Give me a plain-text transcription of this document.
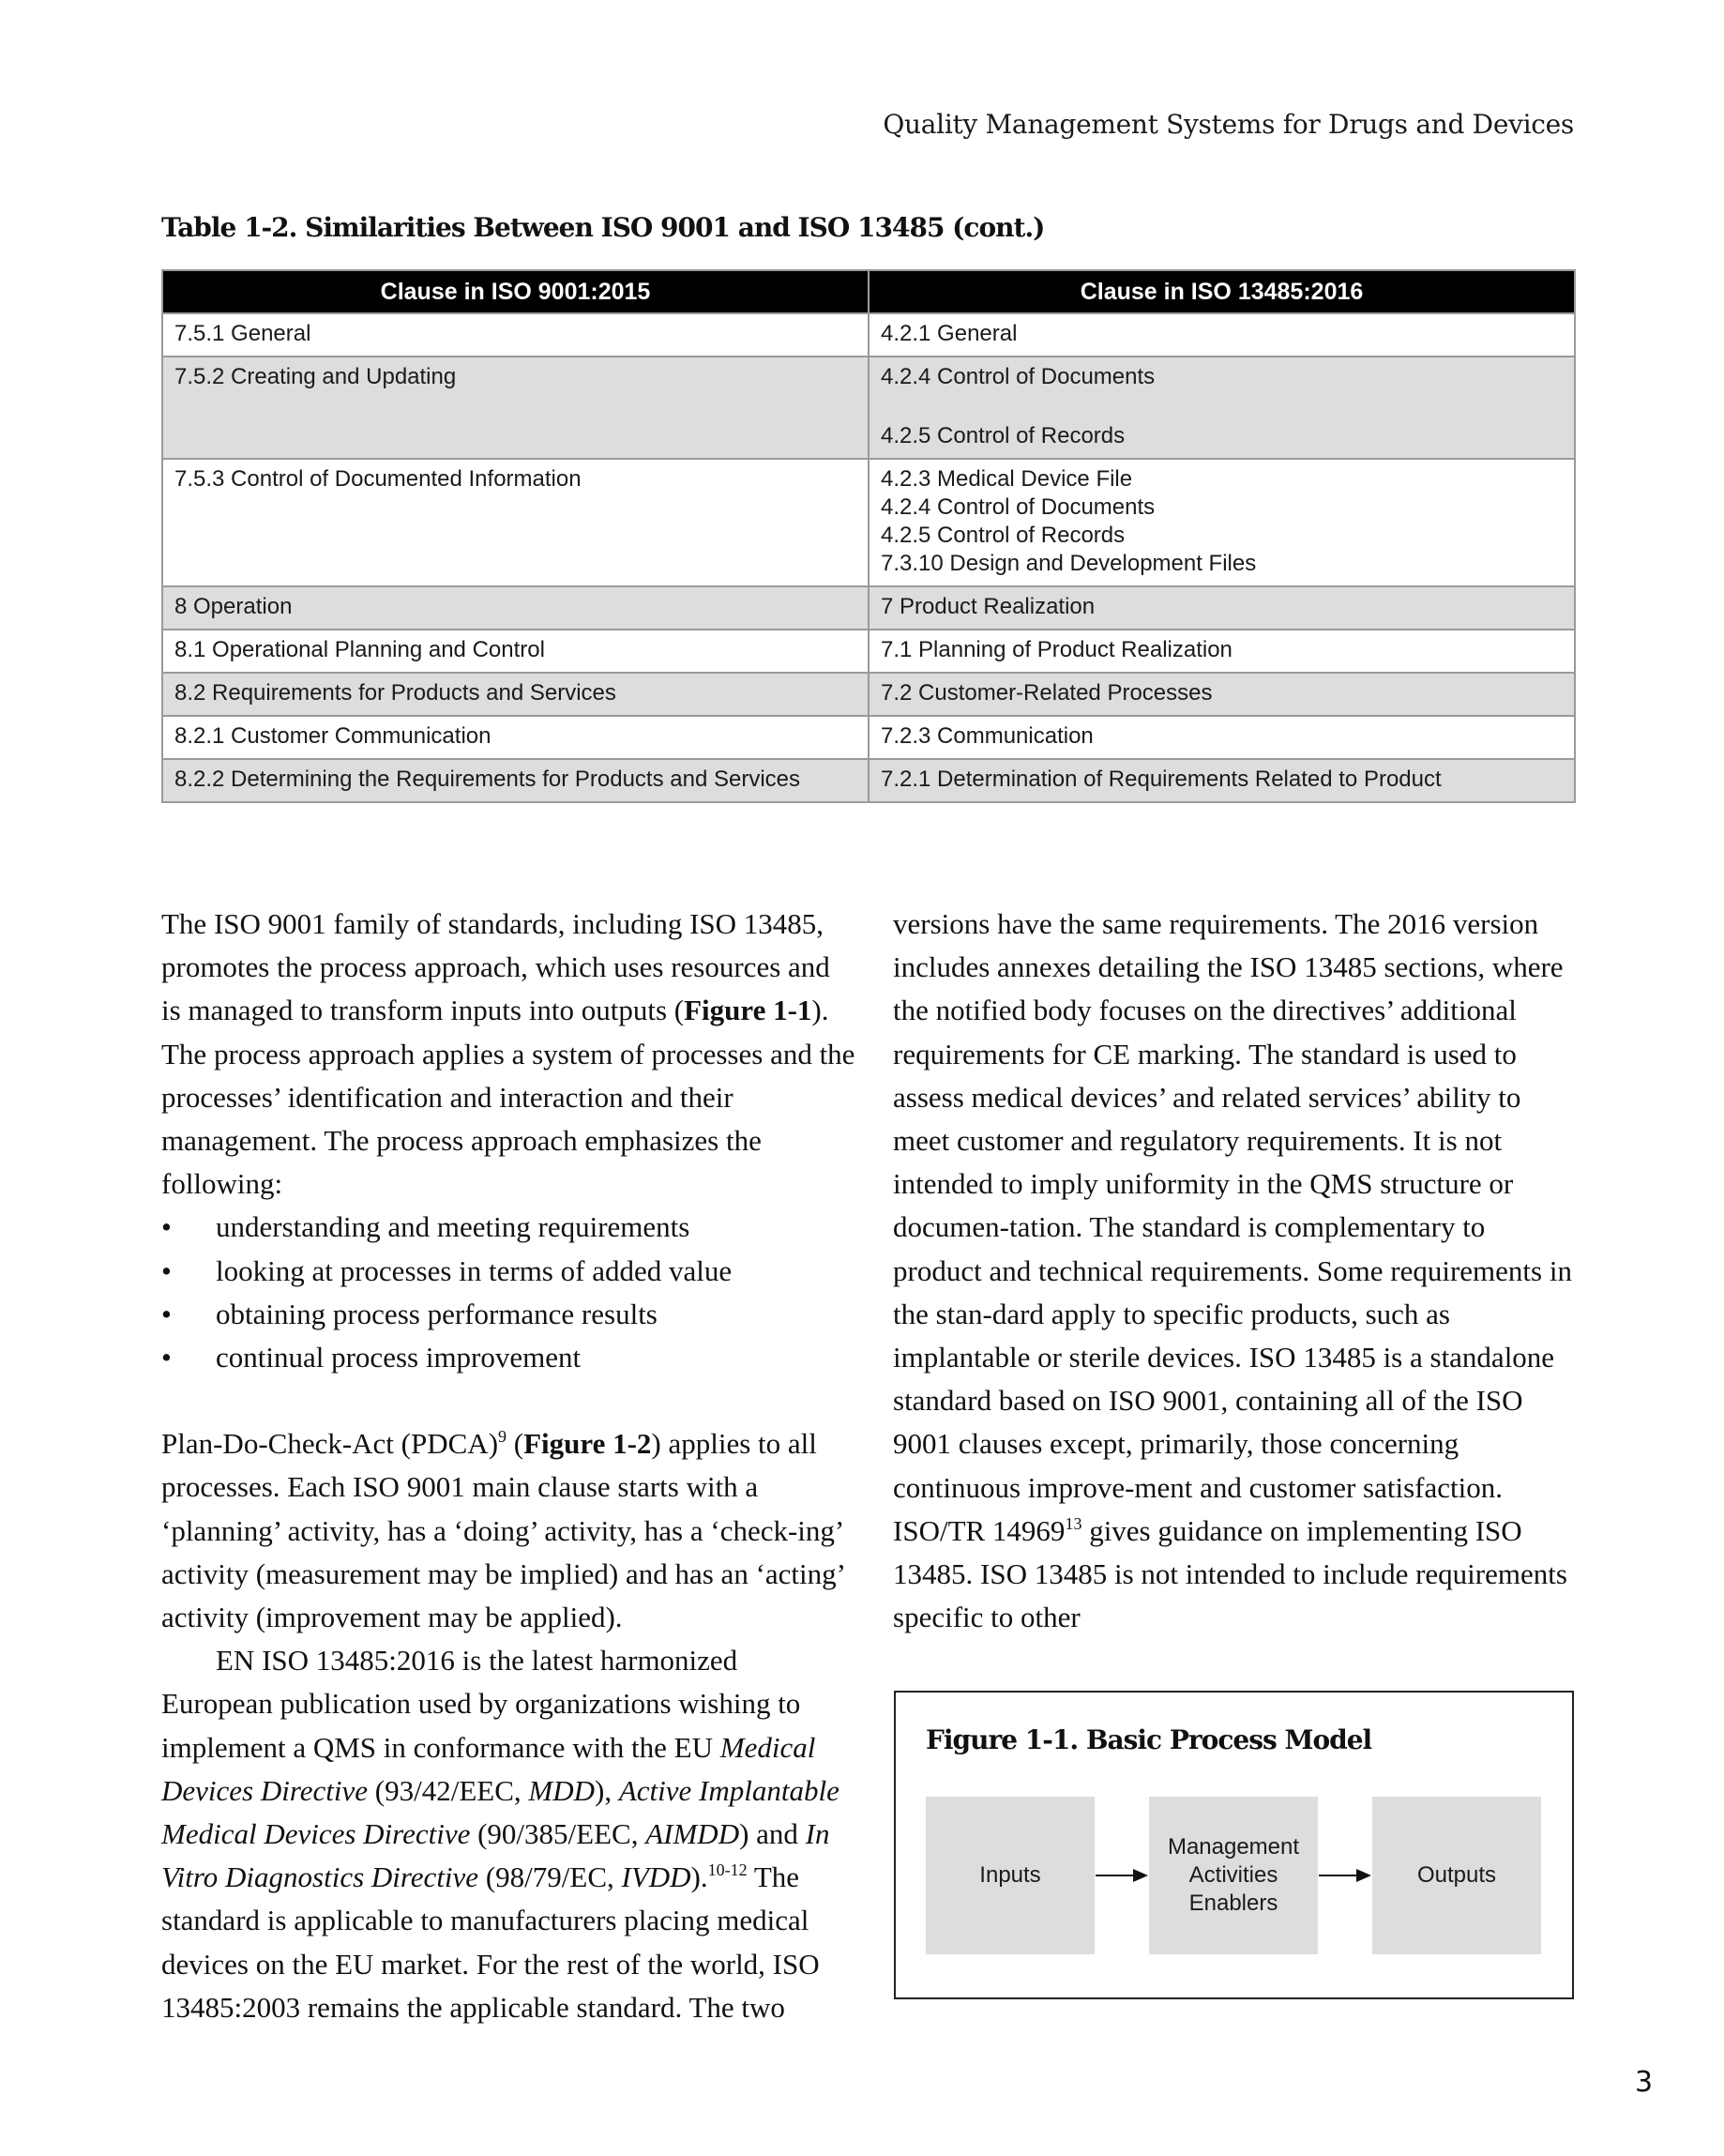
Quality Management Systems for Drugs and Devices
Table 1-2. Similarities Between ISO 9001 and ISO 13485 (cont.)
Clause in ISO 9001:2015	Clause in ISO 13485:2016
7.5.1 General	4.2.1 General

7.5.2 Creating and Updating	4.2.4 Control of Documents
4.2.5 Control of Records

7.5.3 Control of Documented Information	4.2.3 Medical Device File
4.2.4 Control of Documents
4.2.5 Control of Records
7.3.10 Design and Development Files

8 Operation	7 Product Realization

8.1 Operational Planning and Control	7.1 Planning of Product Realization

8.2 Requirements for Products and Services	7.2 Customer-Related Processes

8.2.1 Customer Communication	7.2.3 Communication

8.2.2 Determining the Requirements for Products and Services	7.2.1 Determination of Requirements Related to Product

The ISO 9001 family of standards, including ISO 13485, promotes the process approach, which uses resources and is managed to transform inputs into outputs (Figure 1-1). The process approach applies a system of processes and the processes’ identification and interaction and their management. The process approach emphasizes the following:

• understanding and meeting requirements
• looking at processes in terms of added value
• obtaining process performance results
• continual process improvement

Plan-Do-Check-Act (PDCA)$^9$ (Figure 1-2) applies to all processes. Each ISO 9001 main clause starts with a ‘planning’ activity, has a ‘doing’ activity, has a ‘check-ing’ activity (measurement may be implied) and has an ‘acting’ activity (improvement may be applied).

EN ISO 13485:2016 is the latest harmonized European publication used by organizations wishing to implement a QMS in conformance with the EU Medical Devices Directive (93/42/EEC, MDD), Active Implantable Medical Devices Directive (90/385/EEC, AIMDD) and In Vitro Diagnostics Directive (98/79/EC, IVDD).$^{10-12}$ The standard is applicable to manufacturers placing medical devices on the EU market. For the rest of the world, ISO 13485:2003 remains the applicable standard. The two

versions have the same requirements. The 2016 version includes annexes detailing the ISO 13485 sections, where the notified body focuses on the directives’ additional requirements for CE marking. The standard is used to assess medical devices’ and related services’ ability to meet customer and regulatory requirements. It is not intended to imply uniformity in the QMS structure or documen-tation. The standard is complementary to product and technical requirements. Some requirements in the stan-dard apply to specific products, such as implantable or sterile devices. ISO 13485 is a standalone standard based on ISO 9001, containing all of the ISO 9001 clauses except, primarily, those concerning continuous improve-ment and customer satisfaction. ISO/TR 14969$^{13}$ gives guidance on implementing ISO 13485. ISO 13485 is not intended to include requirements specific to other

Figure 1-1. Basic Process Model
Inputs
Management
Activities
Enablers
Outputs
3
